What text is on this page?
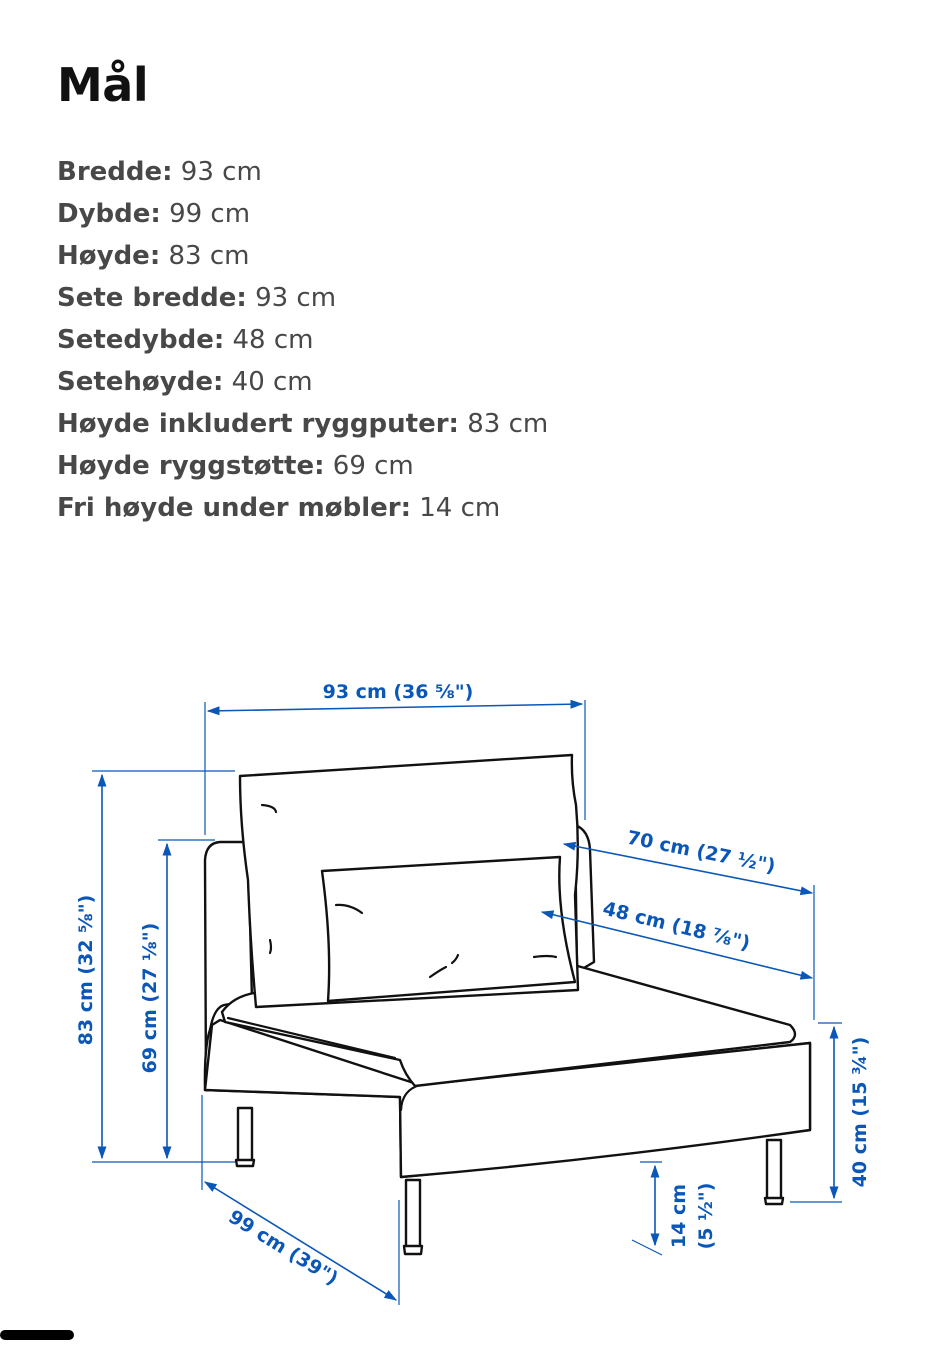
Mål
Bredde: 93 cm
Dybde: 99 cm
Høyde: 83 cm
Sete bredde: 93 cm
Setedybde: 48 cm
Setehøyde: 40 cm
Høyde inkludert ryggputer: 83 cm
Høyde ryggstøtte: 69 cm
Fri høyde under møbler: 14 cm
93 cm (36 ⅝")
83 cm (32 ⅝") 69 cm (27 ⅛")
99 cm (39")
70 cm (27 ½")
48 cm (18 ⅞")
40 cm (15 ¾")
14 cm (5 ½")
